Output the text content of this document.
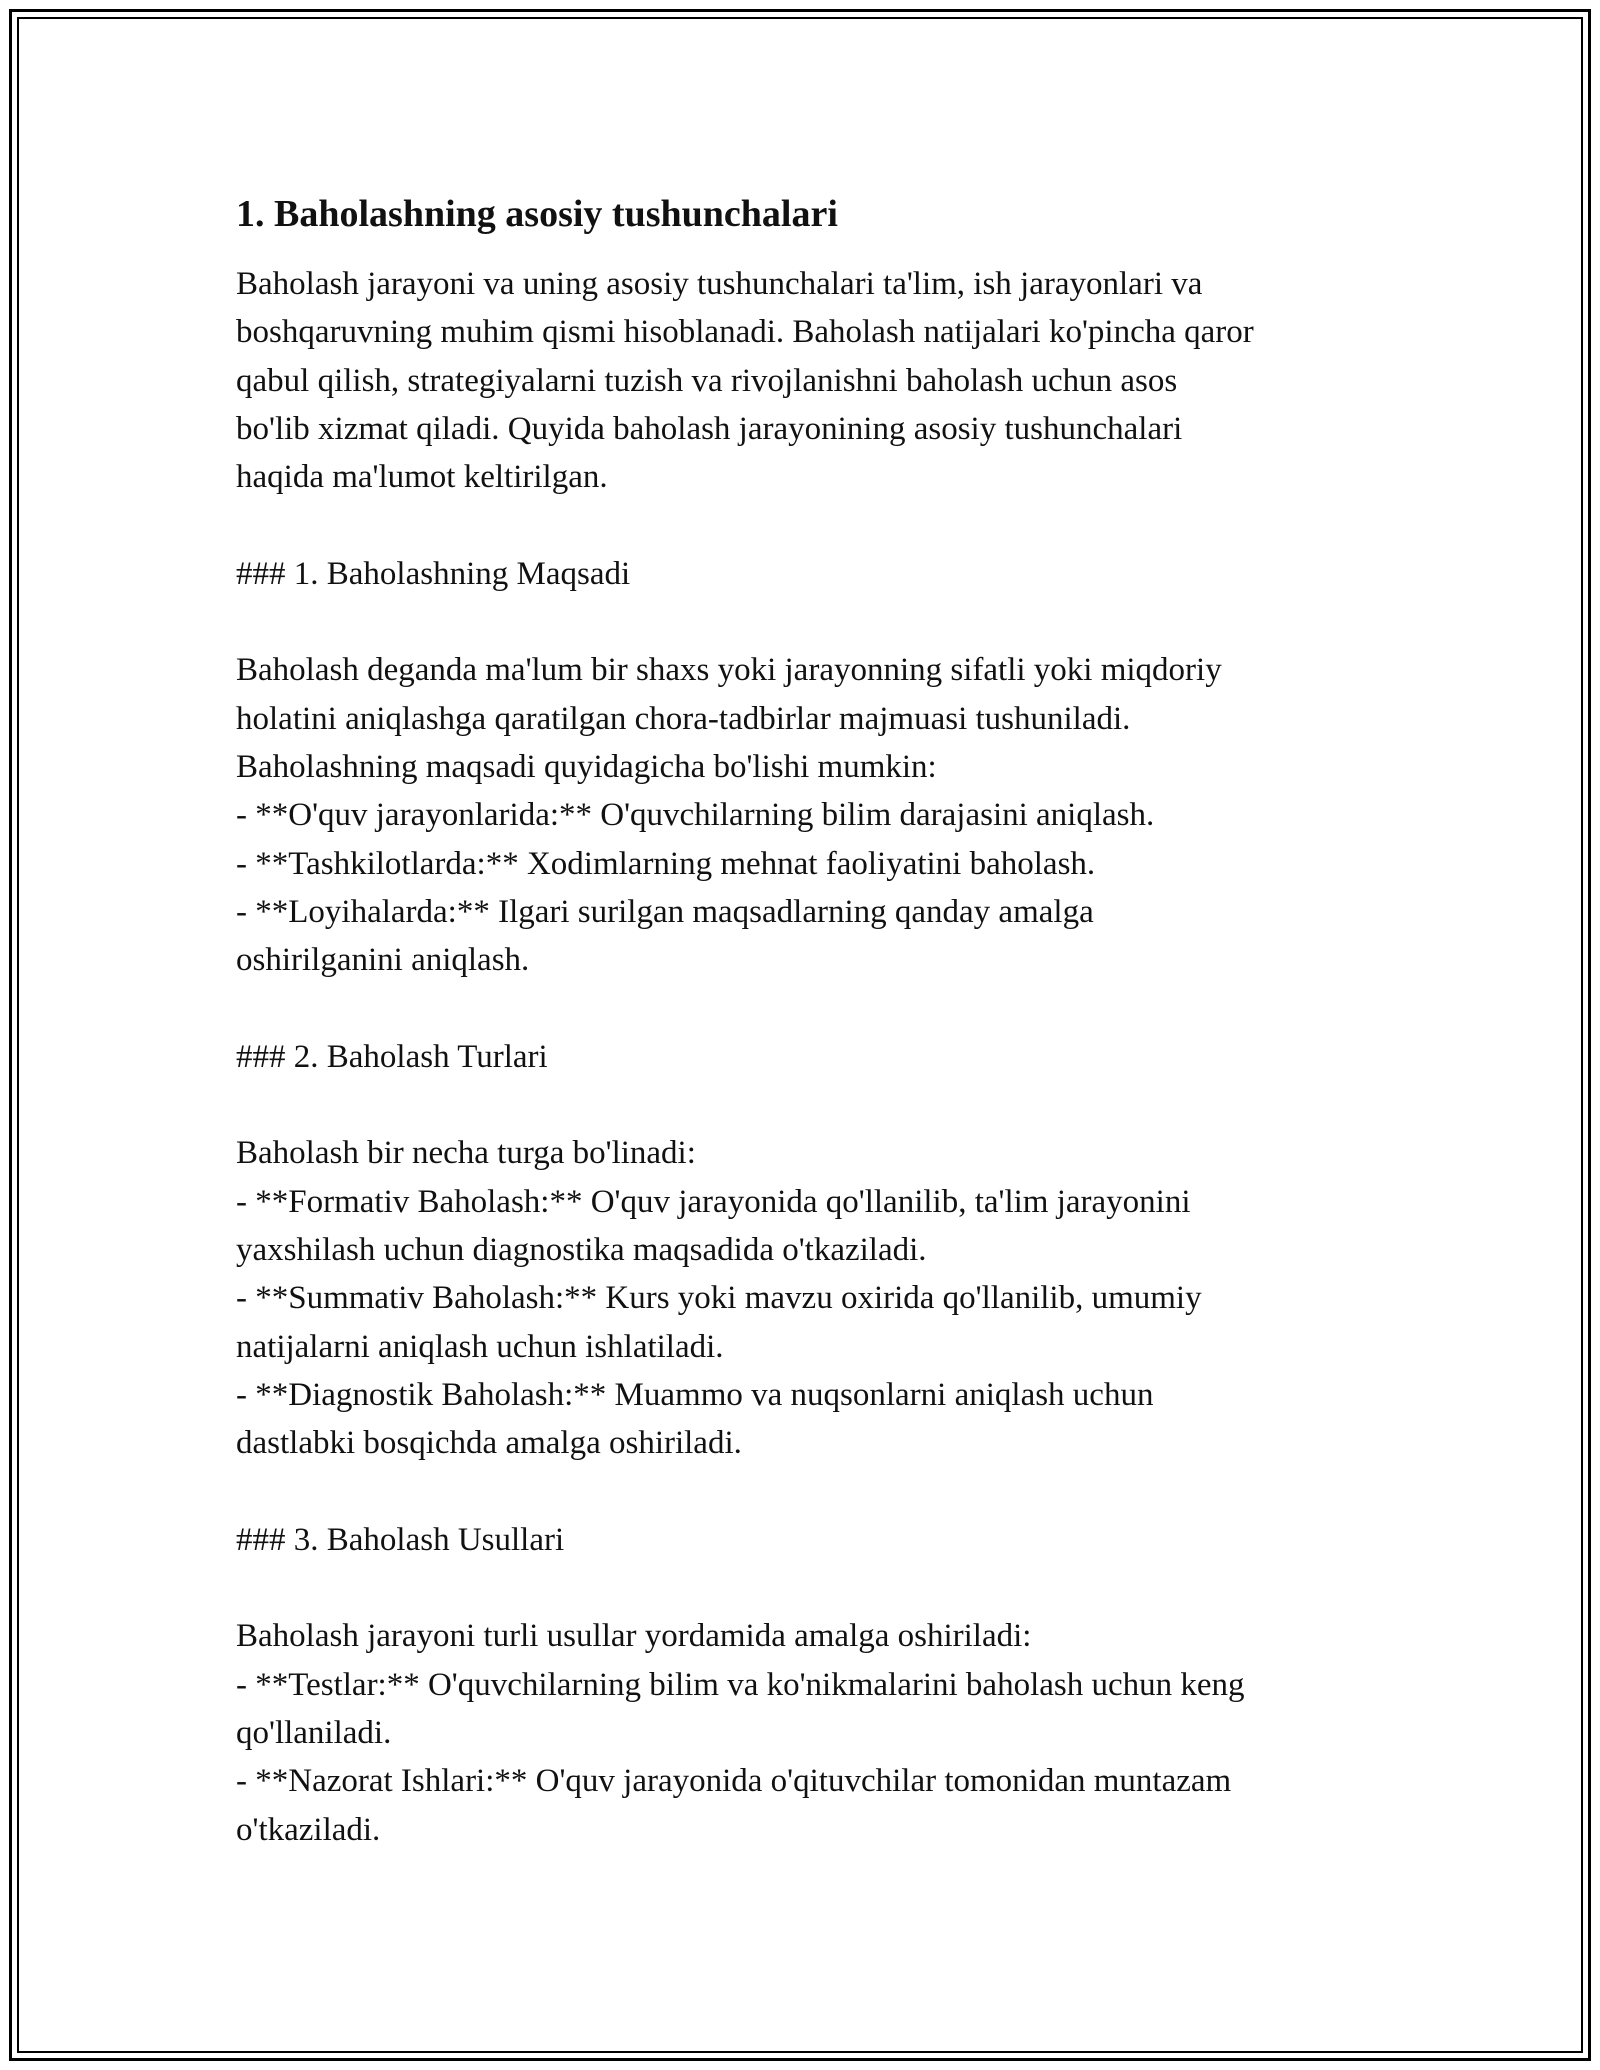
1. Baholashning asosiy tushunchalari

Baholash jarayoni va uning asosiy tushunchalari ta'lim, ish jarayonlari va
boshqaruvning muhim qismi hisoblanadi. Baholash natijalari ko'pincha qaror
qabul qilish, strategiyalarni tuzish va rivojlanishni baholash uchun asos
bo'lib xizmat qiladi. Quyida baholash jarayonining asosiy tushunchalari
haqida ma'lumot keltirilgan.

### 1. Baholashning Maqsadi

Baholash deganda ma'lum bir shaxs yoki jarayonning sifatli yoki miqdoriy
holatini aniqlashga qaratilgan chora-tadbirlar majmuasi tushuniladi.
Baholashning maqsadi quyidagicha bo'lishi mumkin:
- **O'quv jarayonlarida:** O'quvchilarning bilim darajasini aniqlash.
- **Tashkilotlarda:** Xodimlarning mehnat faoliyatini baholash.
- **Loyihalarda:** Ilgari surilgan maqsadlarning qanday amalga
oshirilganini aniqlash.

### 2. Baholash Turlari

Baholash bir necha turga bo'linadi:
- **Formativ Baholash:** O'quv jarayonida qo'llanilib, ta'lim jarayonini
yaxshilash uchun diagnostika maqsadida o'tkaziladi.
- **Summativ Baholash:** Kurs yoki mavzu oxirida qo'llanilib, umumiy
natijalarni aniqlash uchun ishlatiladi.
- **Diagnostik Baholash:** Muammo va nuqsonlarni aniqlash uchun
dastlabki bosqichda amalga oshiriladi.

### 3. Baholash Usullari

Baholash jarayoni turli usullar yordamida amalga oshiriladi:
- **Testlar:** O'quvchilarning bilim va ko'nikmalarini baholash uchun keng
qo'llaniladi.
- **Nazorat Ishlari:** O'quv jarayonida o'qituvchilar tomonidan muntazam
o'tkaziladi.
